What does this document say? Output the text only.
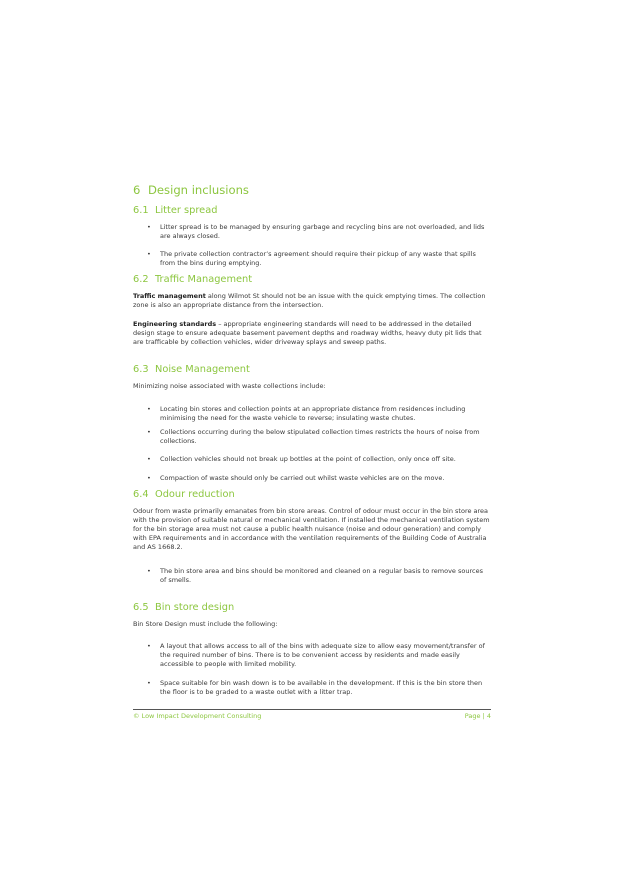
6 Design inclusions
6.1 Litter spread
•	Litter spread is to be managed by ensuring garbage and recycling bins are not overloaded, and lids are always closed.
•	The private collection contractor’s agreement should require their pickup of any waste that spills from the bins during emptying.
6.2 Traffic Management
Traffic management along Wilmot St should not be an issue with the quick emptying times. The collection zone is also an appropriate distance from the intersection.
Engineering standards – appropriate engineering standards will need to be addressed in the detailed design stage to ensure adequate basement pavement depths and roadway widths, heavy duty pit lids that are trafficable by collection vehicles, wider driveway splays and sweep paths.
6.3 Noise Management
Minimizing noise associated with waste collections include:
•	Locating bin stores and collection points at an appropriate distance from residences including minimising the need for the waste vehicle to reverse; insulating waste chutes.
•	Collections occurring during the below stipulated collection times restricts the hours of noise from collections.
•	Collection vehicles should not break up bottles at the point of collection, only once off site.
•	Compaction of waste should only be carried out whilst waste vehicles are on the move.
6.4 Odour reduction
Odour from waste primarily emanates from bin store areas. Control of odour must occur in the bin store area with the provision of suitable natural or mechanical ventilation. If installed the mechanical ventilation system for the bin storage area must not cause a public health nuisance (noise and odour generation) and comply with EPA requirements and in accordance with the ventilation requirements of the Building Code of Australia and AS 1668.2.
•	The bin store area and bins should be monitored and cleaned on a regular basis to remove sources of smells.
6.5 Bin store design
Bin Store Design must include the following:
•	A layout that allows access to all of the bins with adequate size to allow easy movement/transfer of the required number of bins. There is to be convenient access by residents and made easily accessible to people with limited mobility.
•	Space suitable for bin wash down is to be available in the development. If this is the bin store then the floor is to be graded to a waste outlet with a litter trap.
© Low Impact Development Consulting	Page | 4
